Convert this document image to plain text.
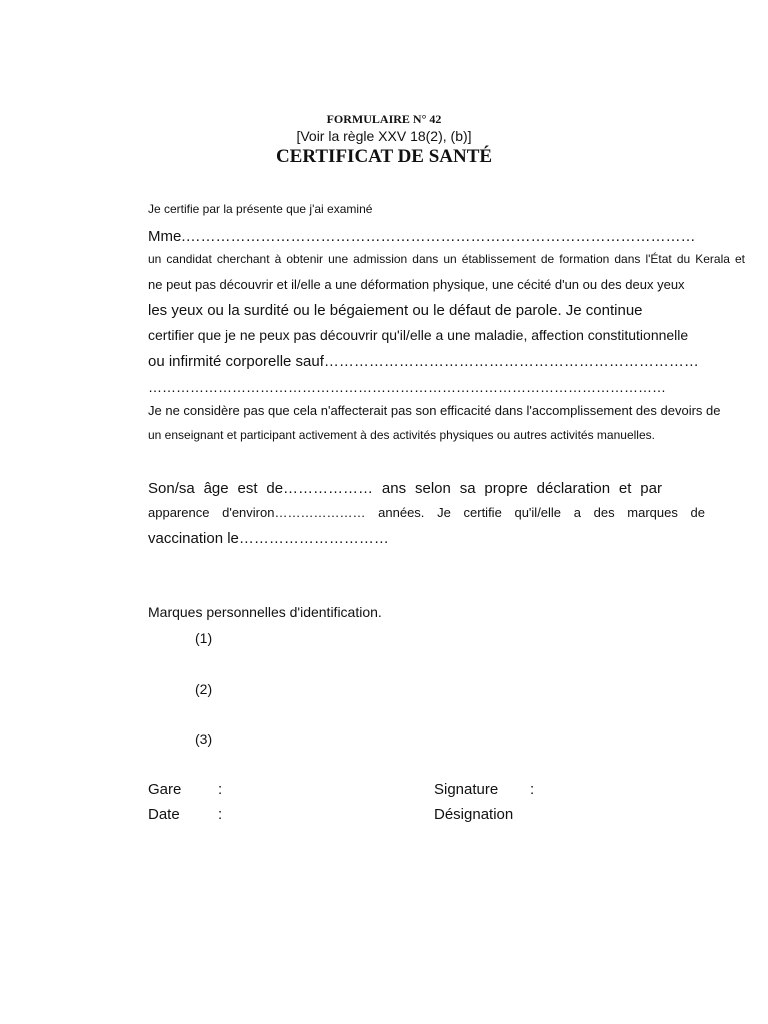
FORMULAIRE N° 42
[Voir la règle XXV 18(2), (b)]
CERTIFICAT DE SANTÉ
Je certifie par la présente que j'ai examiné
Mme.…………………………………………………………………………………………
un candidat cherchant à obtenir une admission dans un établissement de formation dans l'État du Kerala et
ne peut pas découvrir et il/elle a une déformation physique, une cécité d'un ou des deux yeux
les yeux ou la surdité ou le bégaiement ou le défaut de parole. Je continue
certifier que je ne peux pas découvrir qu'il/elle a une maladie, affection constitutionnelle
ou infirmité corporelle sauf…………………………………………………………………
…………………………………………………………………………………………………
Je ne considère pas que cela n'affecterait pas son efficacité dans l'accomplissement des devoirs de
un enseignant et participant activement à des activités physiques ou autres activités manuelles.
Son/sa âge est de……………… ans selon sa propre déclaration et par
apparence d'environ………………… années. Je certifie qu'il/elle a des marques de
vaccination le…………………………
Marques personnelles d'identification.
(1)
(2)
(3)
Gare :	Signature :
Date	:	Désignation
